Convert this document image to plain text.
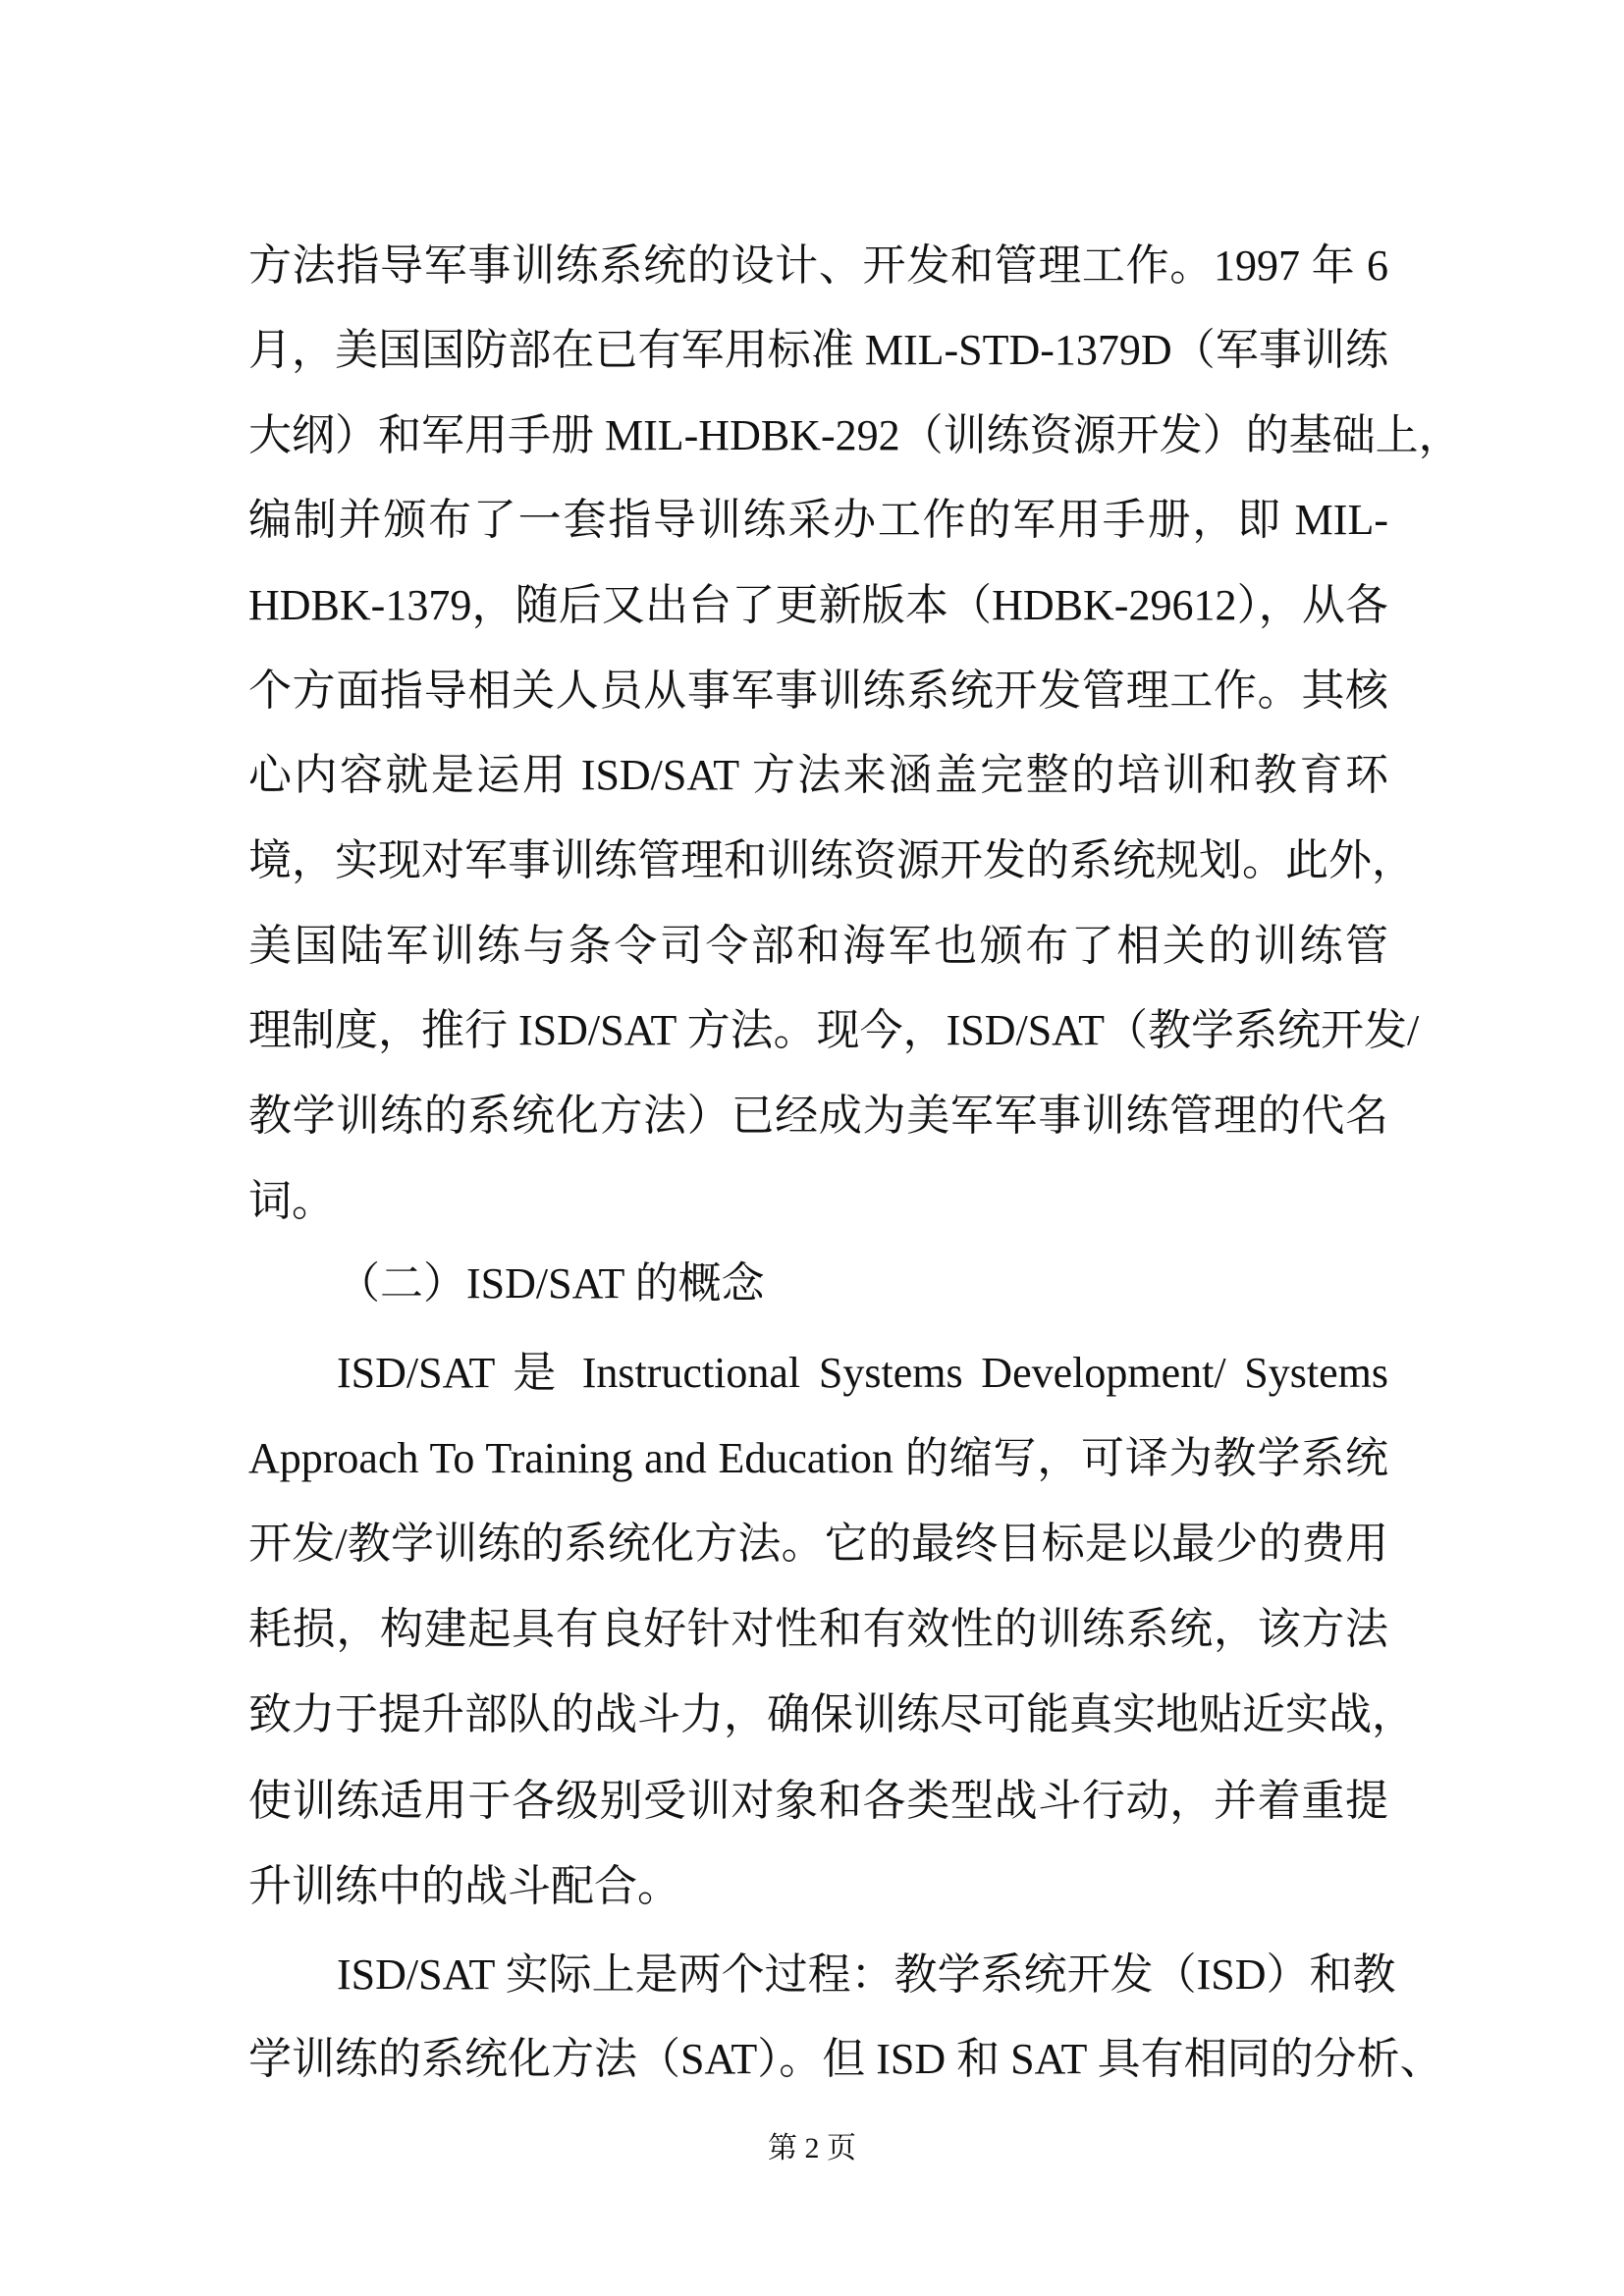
方法指导军事训练系统的设计、开发和管理工作。1997 年 6
月，美国国防部在已有军用标准 MIL-STD-1379D（军事训练
大纲）和军用手册 MIL-HDBK-292（训练资源开发）的基础上，
编制并颁布了一套指导训练采办工作的军用手册，即 MIL-
HDBK-1379，随后又出台了更新版本（HDBK-29612），从各
个方面指导相关人员从事军事训练系统开发管理工作。其核
心内容就是运用 ISD/SAT 方法来涵盖完整的培训和教育环
境，实现对军事训练管理和训练资源开发的系统规划。此外，
美国陆军训练与条令司令部和海军也颁布了相关的训练管
理制度，推行 ISD/SAT 方法。现今，ISD/SAT（教学系统开发/
教学训练的系统化方法）已经成为美军军事训练管理的代名
词。
（二）ISD/SAT 的概念
ISD/SAT 是 Instructional Systems Development/ Systems
Approach To Training and Education 的缩写，可译为教学系统
开发/教学训练的系统化方法。它的最终目标是以最少的费用
耗损，构建起具有良好针对性和有效性的训练系统，该方法
致力于提升部队的战斗力，确保训练尽可能真实地贴近实战，
使训练适用于各级别受训对象和各类型战斗行动，并着重提
升训练中的战斗配合。
ISD/SAT 实际上是两个过程：教学系统开发（ISD）和教
学训练的系统化方法（SAT）。但 ISD 和 SAT 具有相同的分析、
第 2 页
